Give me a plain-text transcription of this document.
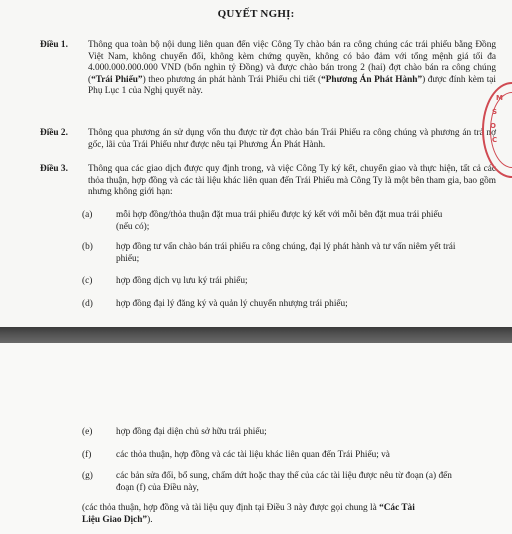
QUYẾT NGHỊ:
Điều 1.	Thông qua toàn bộ nội dung liên quan đến việc Công Ty chào bán ra công chúng các trái phiếu bằng Đồng Việt Nam, không chuyển đổi, không kèm chứng quyền, không có bảo đảm với tổng mệnh giá tối đa 4.000.000.000.000 VND (bốn nghìn tỷ Đồng) và được chào bán trong 2 (hai) đợt chào bán ra công chúng (“Trái Phiếu”) theo phương án phát hành Trái Phiếu chi tiết (“Phương Án Phát Hành”) được đính kèm tại Phụ Lục 1 của Nghị quyết này.
Điều 2.	Thông qua phương án sử dụng vốn thu được từ đợt chào bán Trái Phiếu ra công chúng và phương án trả nợ gốc, lãi của Trái Phiếu như được nêu tại Phương Án Phát Hành.
Điều 3.	Thông qua các giao dịch được quy định trong, và việc Công Ty ký kết, chuyển giao và thực hiện, tất cả các thỏa thuận, hợp đồng và các tài liệu khác liên quan đến Trái Phiếu mà Công Ty là một bên tham gia, bao gồm nhưng không giới hạn:
(a)	mỗi hợp đồng/thỏa thuận đặt mua trái phiếu được ký kết với mỗi bên đặt mua trái phiếu (nếu có);
(b) hợp đồng tư vấn chào bán trái phiếu ra công chúng, đại lý phát hành và tư vấn niêm yết trái phiếu;
(c)	hợp đồng dịch vụ lưu ký trái phiếu;
(d) hợp đồng đại lý đăng ký và quản lý chuyển nhượng trái phiếu;
(e)	hợp đồng đại diện chủ sở hữu trái phiếu;
(f)	các thỏa thuận, hợp đồng và các tài liệu khác liên quan đến Trái Phiếu; và
(g) các bản sửa đổi, bổ sung, chấm dứt hoặc thay thế của các tài liệu được nêu từ đoạn (a) đến đoạn (f) của Điều này,
(các thỏa thuận, hợp đồng và tài liệu quy định tại Điều 3 này được gọi chung là “Các Tài Liệu Giao Dịch”).
M
S
O
C
